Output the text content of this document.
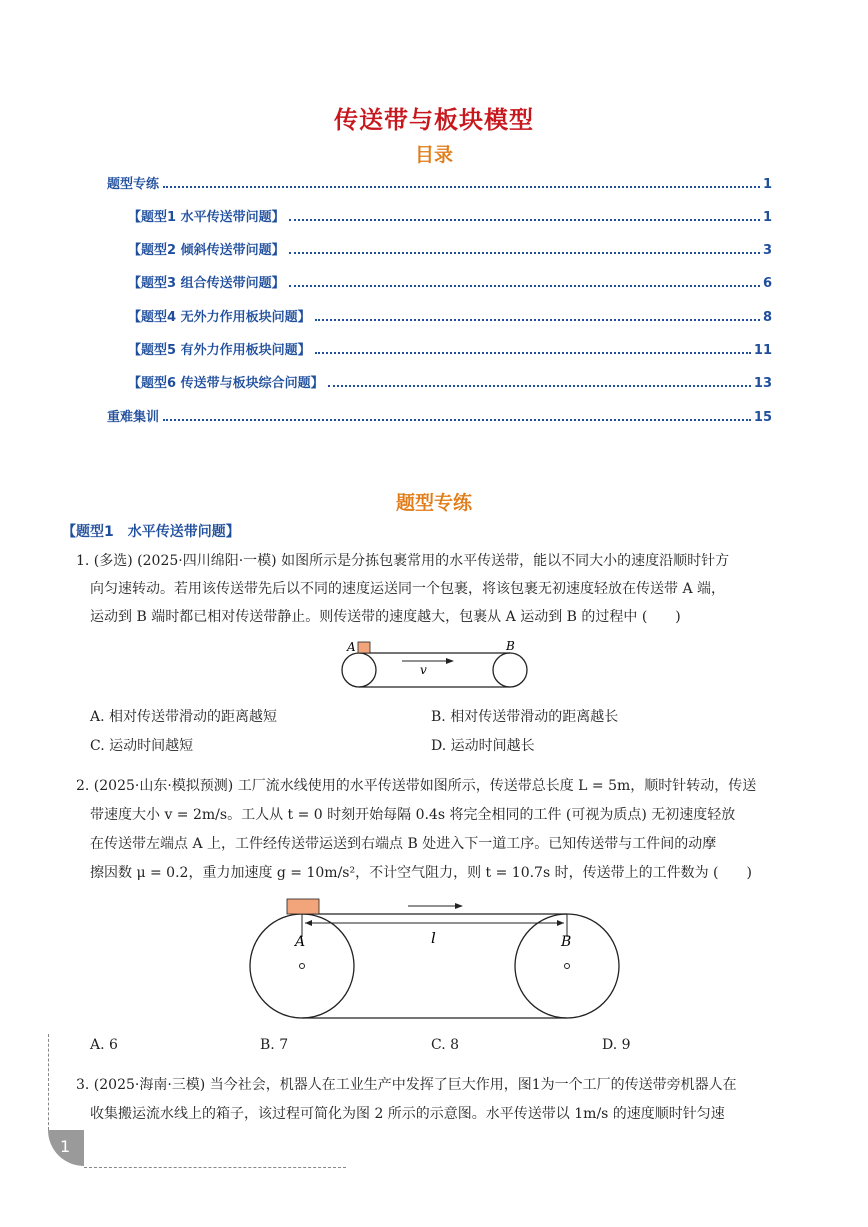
传送带与板块模型
目录
题型专练	1
【题型1 水平传送带问题】	1
【题型2 倾斜传送带问题】	3
【题型3 组合传送带问题】	6
【题型4 无外力作用板块问题】	8
【题型5 有外力作用板块问题】	11
【题型6 传送带与板块综合问题】	13
重难集训	15
题型专练
【题型1　水平传送带问题】
1. (多选) (2025·四川绵阳·一模) 如图所示是分拣包裹常用的水平传送带，能以不同大小的速度沿顺时针方
向匀速转动。若用该传送带先后以不同的速度运送同一个包裹，将该包裹无初速度轻放在传送带 A 端，
运动到 B 端时都已相对传送带静止。则传送带的速度越大，包裹从 A 运动到 B 的过程中 (　　)
A	B
v
A. 相对传送带滑动的距离越短	B. 相对传送带滑动的距离越长
C. 运动时间越短	D. 运动时间越长
2. (2025·山东·模拟预测) 工厂流水线使用的水平传送带如图所示，传送带总长度 L = 5m，顺时针转动，传送
带速度大小 v = 2m/s。工人从 t = 0 时刻开始每隔 0.4s 将完全相同的工件 (可视为质点) 无初速度轻放
在传送带左端点 A 上，工件经传送带运送到右端点 B 处进入下一道工序。已知传送带与工件间的动摩
擦因数 μ = 0.2，重力加速度 g = 10m/s²，不计空气阻力，则 t = 10.7s 时，传送带上的工件数为 (　　)
A	B
l
A. 6	B. 7	C. 8	D. 9
3. (2025·海南·三模) 当今社会，机器人在工业生产中发挥了巨大作用，图1为一个工厂的传送带旁机器人在
收集搬运流水线上的箱子，该过程可简化为图 2 所示的示意图。水平传送带以 1m/s 的速度顺时针匀速
1
